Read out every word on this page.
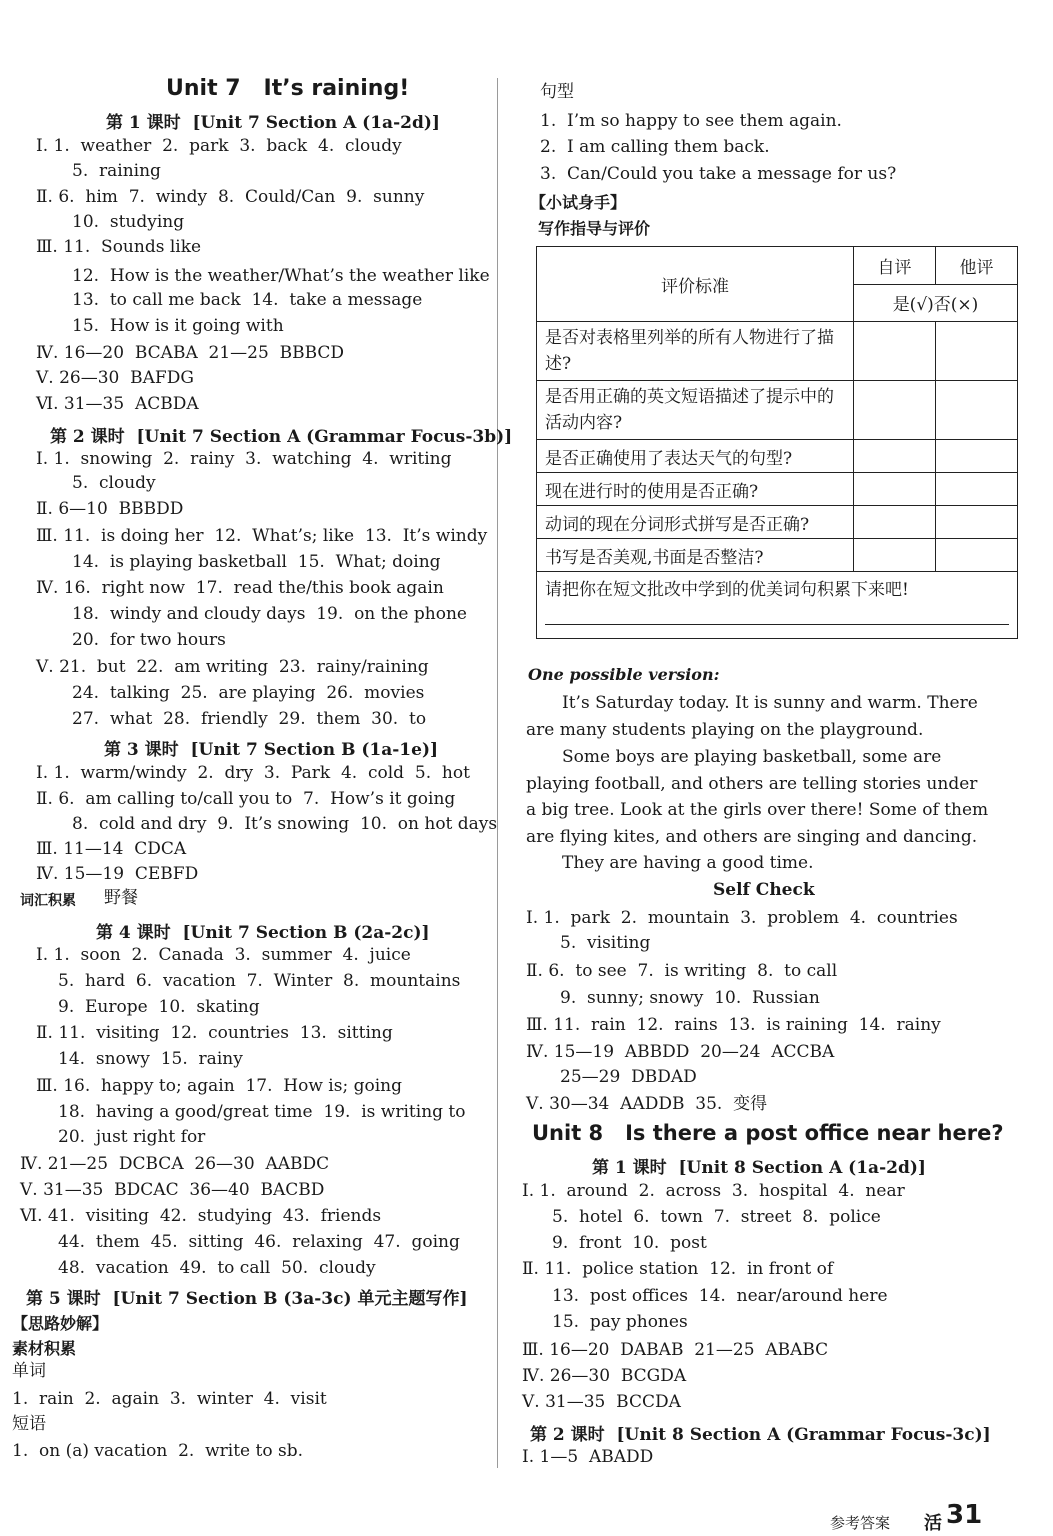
Unit 7   It’s raining!
第 1 课时  [Unit 7 Section A (1a-2d)]
Ⅰ. 1.  weather  2.  park  3.  back  4.  cloudy
5.  raining
Ⅱ. 6.  him  7.  windy  8.  Could/Can  9.  sunny
10.  studying
Ⅲ. 11.  Sounds like
12.  How is the weather/What’s the weather like
13.  to call me back  14.  take a message
15.  How is it going with
Ⅳ. 16—20  BCABA  21—25  BBBCD
Ⅴ. 26—30  BAFDG
Ⅵ. 31—35  ACBDA
第 2 课时  [Unit 7 Section A (Grammar Focus-3b)]
Ⅰ. 1.  snowing  2.  rainy  3.  watching  4.  writing
5.  cloudy
Ⅱ. 6—10  BBBDD
Ⅲ. 11.  is doing her  12.  What’s; like  13.  It’s windy
14.  is playing basketball  15.  What; doing
Ⅳ. 16.  right now  17.  read the/this book again
18.  windy and cloudy days  19.  on the phone
20.  for two hours
Ⅴ. 21.  but  22.  am writing  23.  rainy/raining
24.  talking  25.  are playing  26.  movies
27.  what  28.  friendly  29.  them  30.  to
第 3 课时  [Unit 7 Section B (1a-1e)]
Ⅰ. 1.  warm/windy  2.  dry  3.  Park  4.  cold  5.  hot
Ⅱ. 6.  am calling to/call you to  7.  How’s it going
8.  cold and dry  9.  It’s snowing  10.  on hot days
Ⅲ. 11—14  CDCA
Ⅳ. 15—19  CEBFD
词汇积累 野餐
第 4 课时  [Unit 7 Section B (2a-2c)]
Ⅰ. 1.  soon  2.  Canada  3.  summer  4.  juice
5.  hard  6.  vacation  7.  Winter  8.  mountains
9.  Europe  10.  skating
Ⅱ. 11.  visiting  12.  countries  13.  sitting
14.  snowy  15.  rainy
Ⅲ. 16.  happy to; again  17.  How is; going
18.  having a good/great time  19.  is writing to
20.  just right for
Ⅳ. 21—25  DCBCA  26—30  AABDC
Ⅴ. 31—35  BDCAC  36—40  BACBD
Ⅵ. 41.  visiting  42.  studying  43.  friends
44.  them  45.  sitting  46.  relaxing  47.  going
48.  vacation  49.  to call  50.  cloudy
第 5 课时  [Unit 7 Section B (3a-3c) 单元主题写作]
【思路妙解】
素材积累
单词
1.  rain  2.  again  3.  winter  4.  visit
短语
1.  on (a) vacation  2.  write to sb.
句型
1.  I’m so happy to see them again.
2.  I am calling them back.
3.  Can/Could you take a message for us?
【小试身手】
写作指导与评价
评价标准	自评	他评
	是(√)否(×)	
是否对表格里列举的所有人物进行了描述?		
是否用正确的英文短语描述了提示中的活动内容?		
是否正确使用了表达天气的句型?		
现在进行时的使用是否正确?		
动词的现在分词形式拼写是否正确?		
书写是否美观,书面是否整洁?		

请把你在短文批改中学到的优美词句积累下来吧!		
One possible version:
It’s Saturday today. It is sunny and warm. There are many students playing on the playground.
Some boys are playing basketball, some are playing football, and others are telling stories under a big tree. Look at the girls over there! Some of them are flying kites, and others are singing and dancing.
They are having a good time.
Self Check
Ⅰ. 1.  park  2.  mountain  3.  problem  4.  countries
5.  visiting
Ⅱ. 6.  to see  7.  is writing  8.  to call
9.  sunny; snowy  10.  Russian
Ⅲ. 11.  rain  12.  rains  13.  is raining  14.  rainy
Ⅳ. 15—19  ABBDD  20—24  ACCBA
25—29  DBDAD
Ⅴ. 30—34  AADDB  35.  变得
Unit 8   Is there a post office near here?
第 1 课时  [Unit 8 Section A (1a-2d)]
Ⅰ. 1.  around  2.  across  3.  hospital  4.  near
5.  hotel  6.  town  7.  street  8.  police
9.  front  10.  post
Ⅱ. 11.  police station  12.  in front of
13.  post offices  14.  near/around here
15.  pay phones
Ⅲ. 16—20  DABAB  21—25  ABABC
Ⅳ. 26—30  BCGDA
Ⅴ. 31—35  BCCDA
第 2 课时  [Unit 8 Section A (Grammar Focus-3c)]
Ⅰ. 1—5  ABADD
参考答案 活 31
